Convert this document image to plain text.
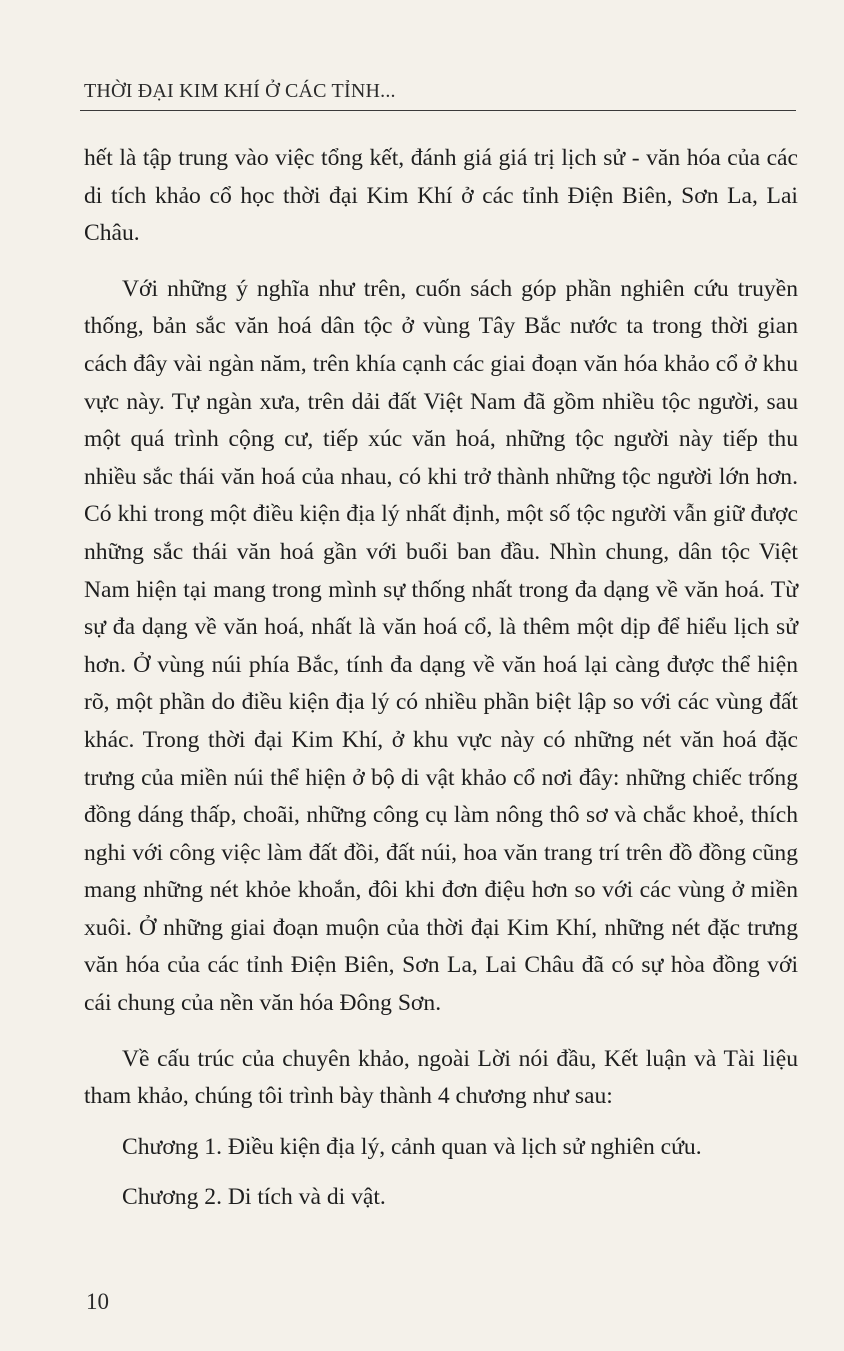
THỜI ĐẠI KIM KHÍ Ở CÁC TỈNH...

hết là tập trung vào việc tổng kết, đánh giá giá trị lịch sử - văn hóa của các di tích khảo cổ học thời đại Kim Khí ở các tỉnh Điện Biên, Sơn La, Lai Châu.

Với những ý nghĩa như trên, cuốn sách góp phần nghiên cứu truyền thống, bản sắc văn hoá dân tộc ở vùng Tây Bắc nước ta trong thời gian cách đây vài ngàn năm, trên khía cạnh các giai đoạn văn hóa khảo cổ ở khu vực này. Tự ngàn xưa, trên dải đất Việt Nam đã gồm nhiều tộc người, sau một quá trình cộng cư, tiếp xúc văn hoá, những tộc người này tiếp thu nhiều sắc thái văn hoá của nhau, có khi trở thành những tộc người lớn hơn. Có khi trong một điều kiện địa lý nhất định, một số tộc người vẫn giữ được những sắc thái văn hoá gần với buổi ban đầu. Nhìn chung, dân tộc Việt Nam hiện tại mang trong mình sự thống nhất trong đa dạng về văn hoá. Từ sự đa dạng về văn hoá, nhất là văn hoá cổ, là thêm một dịp để hiểu lịch sử hơn. Ở vùng núi phía Bắc, tính đa dạng về văn hoá lại càng được thể hiện rõ, một phần do điều kiện địa lý có nhiều phần biệt lập so với các vùng đất khác. Trong thời đại Kim Khí, ở khu vực này có những nét văn hoá đặc trưng của miền núi thể hiện ở bộ di vật khảo cổ nơi đây: những chiếc trống đồng dáng thấp, choãi, những công cụ làm nông thô sơ và chắc khoẻ, thích nghi với công việc làm đất đồi, đất núi, hoa văn trang trí trên đồ đồng cũng mang những nét khỏe khoắn, đôi khi đơn điệu hơn so với các vùng ở miền xuôi. Ở những giai đoạn muộn của thời đại Kim Khí, những nét đặc trưng văn hóa của các tỉnh Điện Biên, Sơn La, Lai Châu đã có sự hòa đồng với cái chung của nền văn hóa Đông Sơn.

Về cấu trúc của chuyên khảo, ngoài Lời nói đầu, Kết luận và Tài liệu tham khảo, chúng tôi trình bày thành 4 chương như sau:

Chương 1. Điều kiện địa lý, cảnh quan và lịch sử nghiên cứu.

Chương 2. Di tích và di vật.

10
